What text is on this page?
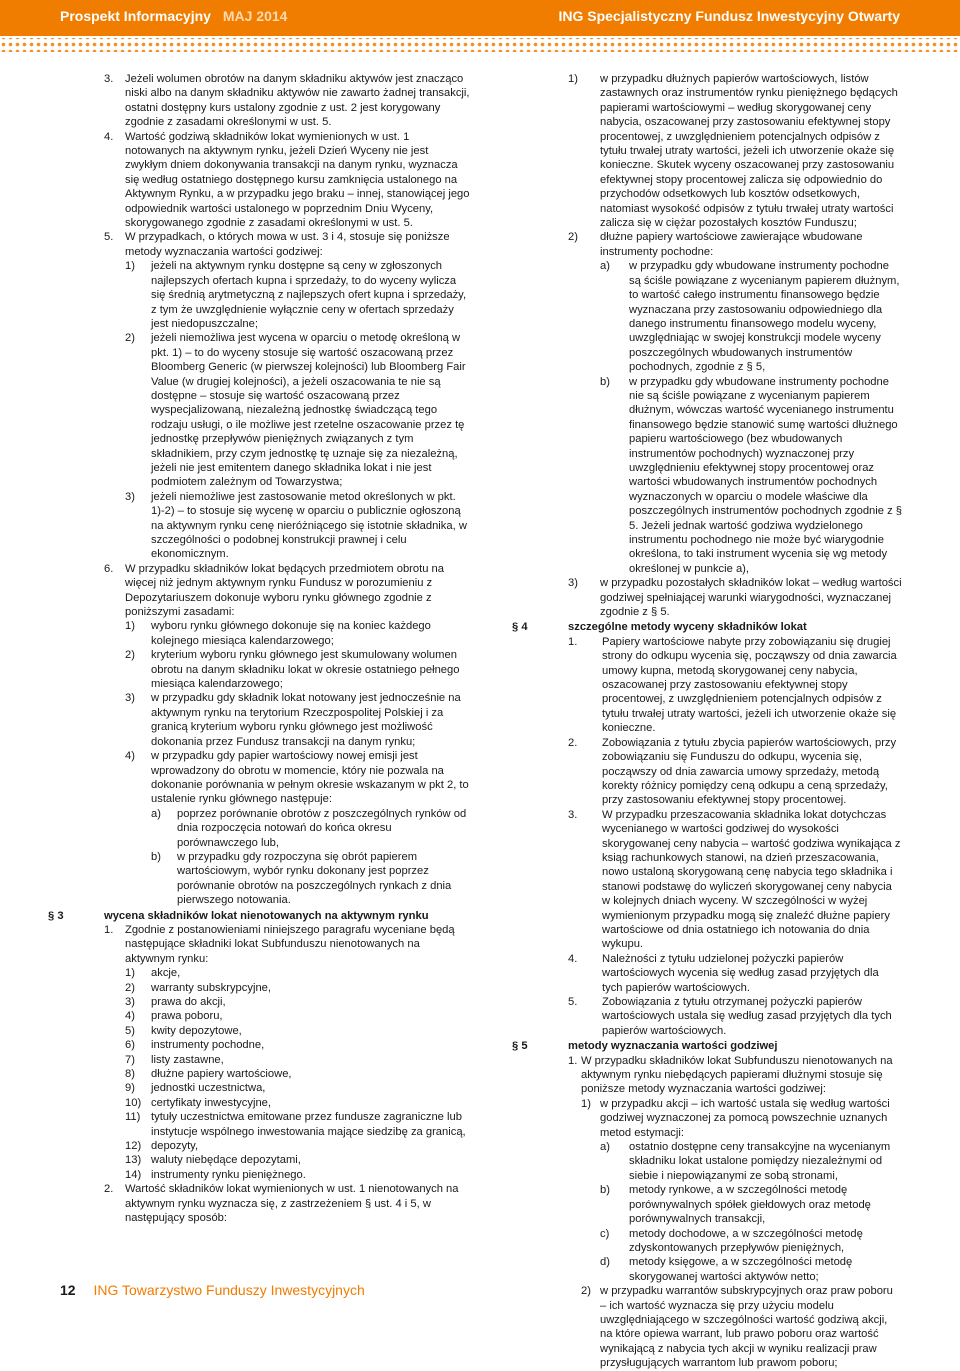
Prospekt Informacyjny MAJ 2014	ING Specjalistyczny Fundusz Inwestycyjny Otwarty
3.	Jeżeli wolumen obrotów na danym składniku aktywów jest znacząco niski albo na danym składniku aktywów nie zawarto żadnej transakcji, ostatni dostępny kurs ustalony zgodnie z ust. 2 jest korygowany zgodnie z zasadami określonymi w ust. 5.
4.	Wartość godziwą składników lokat wymienionych w ust. 1 notowanych na aktywnym rynku, jeżeli Dzień Wyceny nie jest zwykłym dniem dokonywania transakcji na danym rynku, wyznacza się według ostatniego dostępnego kursu zamknięcia ustalonego na Aktywnym Rynku, a w przypadku jego braku – innej, stanowiącej jego odpowiednik wartości ustalonego w poprzednim Dniu Wyceny, skorygowanego zgodnie z zasadami określonymi w ust. 5.
5.	W przypadkach, o których mowa w ust. 3 i 4, stosuje się poniższe metody wyznaczania wartości godziwej:
1)	jeżeli na aktywnym rynku dostępne są ceny w zgłoszonych najlepszych ofertach kupna i sprzedaży, to do wyceny wylicza się średnią arytmetyczną z najlepszych ofert kupna i sprzedaży, z tym że uwzględnienie wyłącznie ceny w ofertach sprzedaży jest niedopuszczalne;
2)	jeżeli niemożliwa jest wycena w oparciu o metodę określoną w pkt. 1) – to do wyceny stosuje się wartość oszacowaną przez Bloomberg Generic (w pierwszej kolejności) lub Bloomberg Fair Value (w drugiej kolejności), a jeżeli oszacowania te nie są dostępne – stosuje się wartość oszacowaną przez wyspecjalizowaną, niezależną jednostkę świadczącą tego rodzaju usługi, o ile możliwe jest rzetelne oszacowanie przez tę jednostkę przepływów pieniężnych związanych z tym składnikiem, przy czym jednostkę tę uznaje się za niezależną, jeżeli nie jest emitentem danego składnika lokat i nie jest podmiotem zależnym od Towarzystwa;
3)	jeżeli niemożliwe jest zastosowanie metod określonych w pkt. 1)-2) – to stosuje się wycenę w oparciu o publicznie ogłoszoną na aktywnym rynku cenę nieróżniącego się istotnie składnika, w szczególności o podobnej konstrukcji prawnej i celu ekonomicznym.
6.	W przypadku składników lokat będących przedmiotem obrotu na więcej niż jednym aktywnym rynku Fundusz w porozumieniu z Depozytariuszem dokonuje wyboru rynku głównego zgodnie z poniższymi zasadami:
1)	wyboru rynku głównego dokonuje się na koniec każdego kolejnego miesiąca kalendarzowego;
2)	kryterium wyboru rynku głównego jest skumulowany wolumen obrotu na danym składniku lokat w okresie ostatniego pełnego miesiąca kalendarzowego;
3)	w przypadku gdy składnik lokat notowany jest jednocześnie na aktywnym rynku na terytorium Rzeczpospolitej Polskiej i za granicą kryterium wyboru rynku głównego jest możliwość dokonania przez Fundusz transakcji na danym rynku;
4)	w przypadku gdy papier wartościowy nowej emisji jest wprowadzony do obrotu w momencie, który nie pozwala na dokonanie porównania w pełnym okresie wskazanym w pkt 2, to ustalenie rynku głównego następuje:
a)	poprzez porównanie obrotów z poszczególnych rynków od dnia rozpoczęcia notowań do końca okresu porównawczego lub,
b)	w przypadku gdy rozpoczyna się obrót papierem wartościowym, wybór rynku dokonany jest poprzez porównanie obrotów na poszczególnych rynkach z dnia pierwszego notowania.
§ 3	wycena składników lokat nienotowanych na aktywnym rynku
1.	Zgodnie z postanowieniami niniejszego paragrafu wyceniane będą następujące składniki lokat Subfunduszu nienotowanych na aktywnym rynku:
1)	akcje,
2)	warranty subskrypcyjne,
3)	prawa do akcji,
4)	prawa poboru,
5)	kwity depozytowe,
6)	instrumenty pochodne,
7)	listy zastawne,
8)	dłużne papiery wartościowe,
9)	jednostki uczestnictwa,
10) certyfikaty inwestycyjne,
11) tytuły uczestnictwa emitowane przez fundusze zagraniczne lub instytucje wspólnego inwestowania mające siedzibę za granicą,
12) depozyty,
13) waluty niebędące depozytami,
14) instrumenty rynku pieniężnego.
2.	Wartość składników lokat wymienionych w ust. 1 nienotowanych na aktywnym rynku wyznacza się, z zastrzeżeniem § ust. 4 i 5, w następujący sposób:
1)	w przypadku dłużnych papierów wartościowych, listów zastawnych oraz instrumentów rynku pieniężnego będących papierami wartościowymi – według skorygowanej ceny nabycia, oszacowanej przy zastosowaniu efektywnej stopy procentowej, z uwzględnieniem potencjalnych odpisów z tytułu trwałej utraty wartości, jeżeli ich utworzenie okaże się konieczne. Skutek wyceny oszacowanej przy zastosowaniu efektywnej stopy procentowej zalicza się odpowiednio do przychodów odsetkowych lub kosztów odsetkowych, natomiast wysokość odpisów z tytułu trwałej utraty wartości zalicza się w ciężar pozostałych kosztów Funduszu;
2)	dłużne papiery wartościowe zawierające wbudowane instrumenty pochodne:
a)	w przypadku gdy wbudowane instrumenty pochodne są ściśle powiązane z wycenianym papierem dłużnym, to wartość całego instrumentu finansowego będzie wyznaczana przy zastosowaniu odpowiedniego dla danego instrumentu finansowego modelu wyceny, uwzględniając w swojej konstrukcji modele wyceny poszczególnych wbudowanych instrumentów pochodnych, zgodnie z § 5,
b)	w przypadku gdy wbudowane instrumenty pochodne nie są ściśle powiązane z wycenianym papierem dłużnym, wówczas wartość wycenianego instrumentu finansowego będzie stanowić sumę wartości dłużnego papieru wartościowego (bez wbudowanych instrumentów pochodnych) wyznaczonej przy uwzględnieniu efektywnej stopy procentowej oraz wartości wbudowanych instrumentów pochodnych wyznaczonych w oparciu o modele właściwe dla poszczególnych instrumentów pochodnych zgodnie z § 5. Jeżeli jednak wartość godziwa wydzielonego instrumentu pochodnego nie może być wiarygodnie określona, to taki instrument wycenia się wg metody określonej w punkcie a),
3)	w przypadku pozostałych składników lokat – według wartości godziwej spełniającej warunki wiarygodności, wyznaczanej zgodnie z § 5.
§ 4	szczególne metody wyceny składników lokat
1.	Papiery wartościowe nabyte przy zobowiązaniu się drugiej strony do odkupu wycenia się, począwszy od dnia zawarcia umowy kupna, metodą skorygowanej ceny nabycia, oszacowanej przy zastosowaniu efektywnej stopy procentowej, z uwzględnieniem potencjalnych odpisów z tytułu trwałej utraty wartości, jeżeli ich utworzenie okaże się konieczne.
2.	Zobowiązania z tytułu zbycia papierów wartościowych, przy zobowiązaniu się Funduszu do odkupu, wycenia się, począwszy od dnia zawarcia umowy sprzedaży, metodą korekty różnicy pomiędzy ceną odkupu a ceną sprzedaży, przy zastosowaniu efektywnej stopy procentowej.
3.	W przypadku przeszacowania składnika lokat dotychczas wycenianego w wartości godziwej do wysokości skorygowanej ceny nabycia – wartość godziwa wynikająca z ksiąg rachunkowych stanowi, na dzień przeszacowania, nowo ustaloną skorygowaną cenę nabycia tego składnika i stanowi podstawę do wyliczeń skorygowanej ceny nabycia w kolejnych dniach wyceny. W szczególności w wyżej wymienionym przypadku mogą się znaleźć dłużne papiery wartościowe od dnia ostatniego ich notowania do dnia wykupu.
4.	Należności z tytułu udzielonej pożyczki papierów wartościowych wycenia się według zasad przyjętych dla tych papierów wartościowych.
5.	Zobowiązania z tytułu otrzymanej pożyczki papierów wartościowych ustala się według zasad przyjętych dla tych papierów wartościowych.
§ 5	metody wyznaczania wartości godziwej
1. W przypadku składników lokat Subfunduszu nienotowanych na aktywnym rynku niebędących papierami dłużnymi stosuje się poniższe metody wyznaczania wartości godziwej:
1) w przypadku akcji – ich wartość ustala się według wartości godziwej wyznaczonej za pomocą powszechnie uznanych metod estymacji:
a)	ostatnio dostępne ceny transakcyjne na wycenianym składniku lokat ustalone pomiędzy niezależnymi od siebie i niepowiązanymi ze sobą stronami,
b)	metody rynkowe, a w szczególności metodę porównywalnych spółek giełdowych oraz metodę porównywalnych transakcji,
c)	metody dochodowe, a w szczególności metodę zdyskontowanych przepływów pieniężnych,
d)	metody księgowe, a w szczególności metodę skorygowanej wartości aktywów netto;
2) w przypadku warrantów subskrypcyjnych oraz praw poboru – ich wartość wyznacza się przy użyciu modelu uwzględniającego w szczególności wartość godziwą akcji, na które opiewa warrant, lub prawo poboru oraz wartość wynikającą z nabycia tych akcji w wyniku realizacji praw przysługujących warrantom lub prawom poboru;
12 ING Towarzystwo Funduszy Inwestycyjnych
